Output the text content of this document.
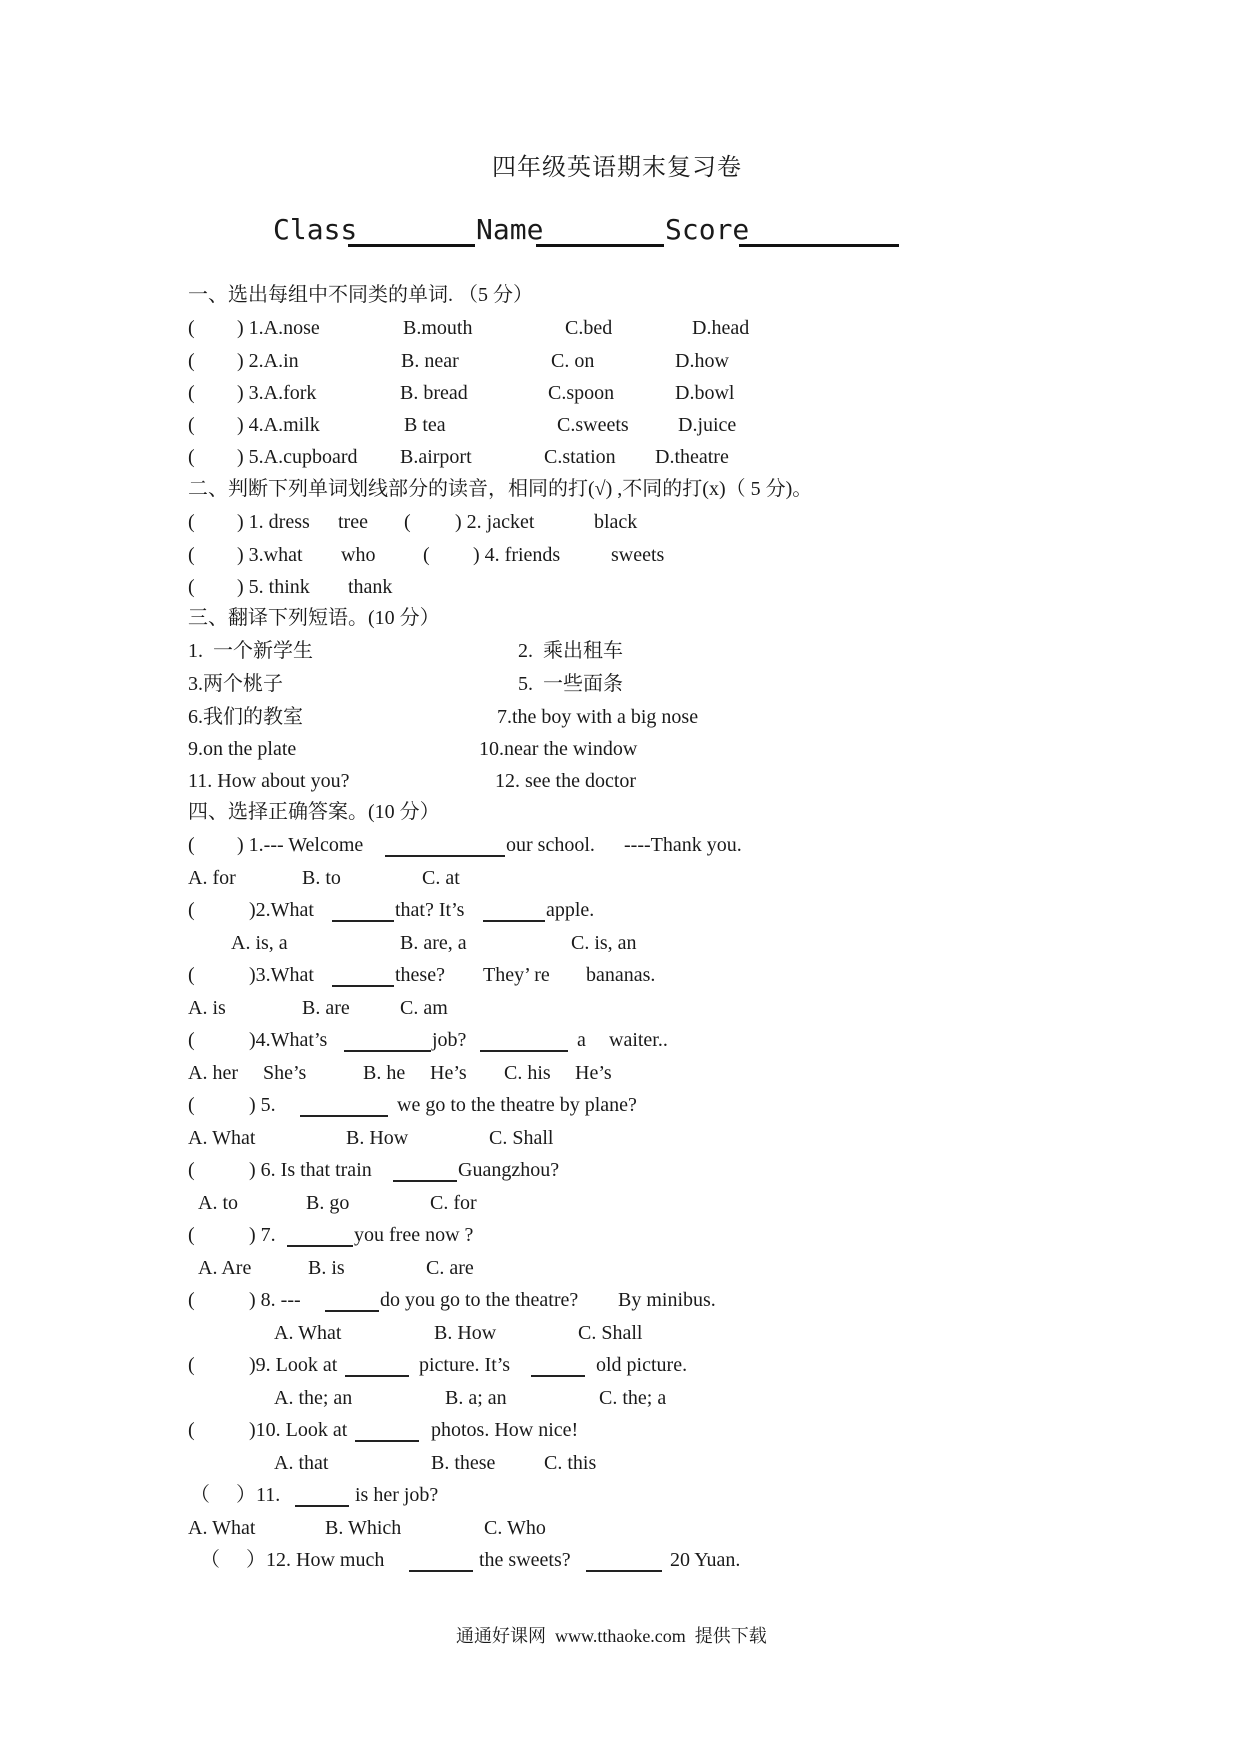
四年级英语期末复习卷
Class	Name	Score
一、选出每组中不同类的单词. （5 分）
( ) 1.A.nose	B.mouth	C.bed	D.head
( ) 2.A.in	B. near	C. on	D.how
( ) 3.A.fork	B. bread	C.spoon	D.bowl
( ) 4.A.milk	B tea	C.sweets D.juice
( ) 5.A.cupboard B.airport	C.station D.theatre
二、判断下列单词划线部分的读音，相同的打(√) ,不同的打(x)（ 5 分)。
( ) 1. dress tree ( ) 2. jacket	black
( ) 3.what who ( ) 4. friends	sweets
( ) 5. think thank
三、翻译下列短语。(10 分）
1.  一个新学生	2.  乘出租车
3.两个桃子	5.  一些面条
6.我们的教室	7.the boy with a big nose
9.on the plate	10.near the window
11. How about you?	12. see the doctor
四、选择正确答案。(10 分）
( ) 1.--- Welcome	our school. ----Thank you.
A. for	B. to	C. at
(	)2.What	that? It’s	apple.
A. is, a	B. are, a	C. is, an
(	)3.What	these? They’ re bananas.
A. is	B. are	C. am
(	)4.What’s	job?	a waiter..
A. her She’s	B. he He’s C. his He’s
(	) 5.	we go to the theatre by plane?
A. What	B. How	C. Shall
(	) 6. Is that train	Guangzhou?
A. to	B. go	C. for
(	) 7.	you free now ?
A. Are	B. is	C. are
(	) 8. ---	do you go to the theatre? By minibus.
A. What	B. How	C. Shall
(	)9. Look at	picture. It’s	old picture.
A. the; an	B. a; an	C. the; a
(	)10. Look at	photos. How nice!
A. that	B. these C. this
（ ）11.	is her job?
A. What	B. Which	C. Who
（ ）12. How much	the sweets?	20 Yuan.
通通好课网  www.tthaoke.com  提供下载
